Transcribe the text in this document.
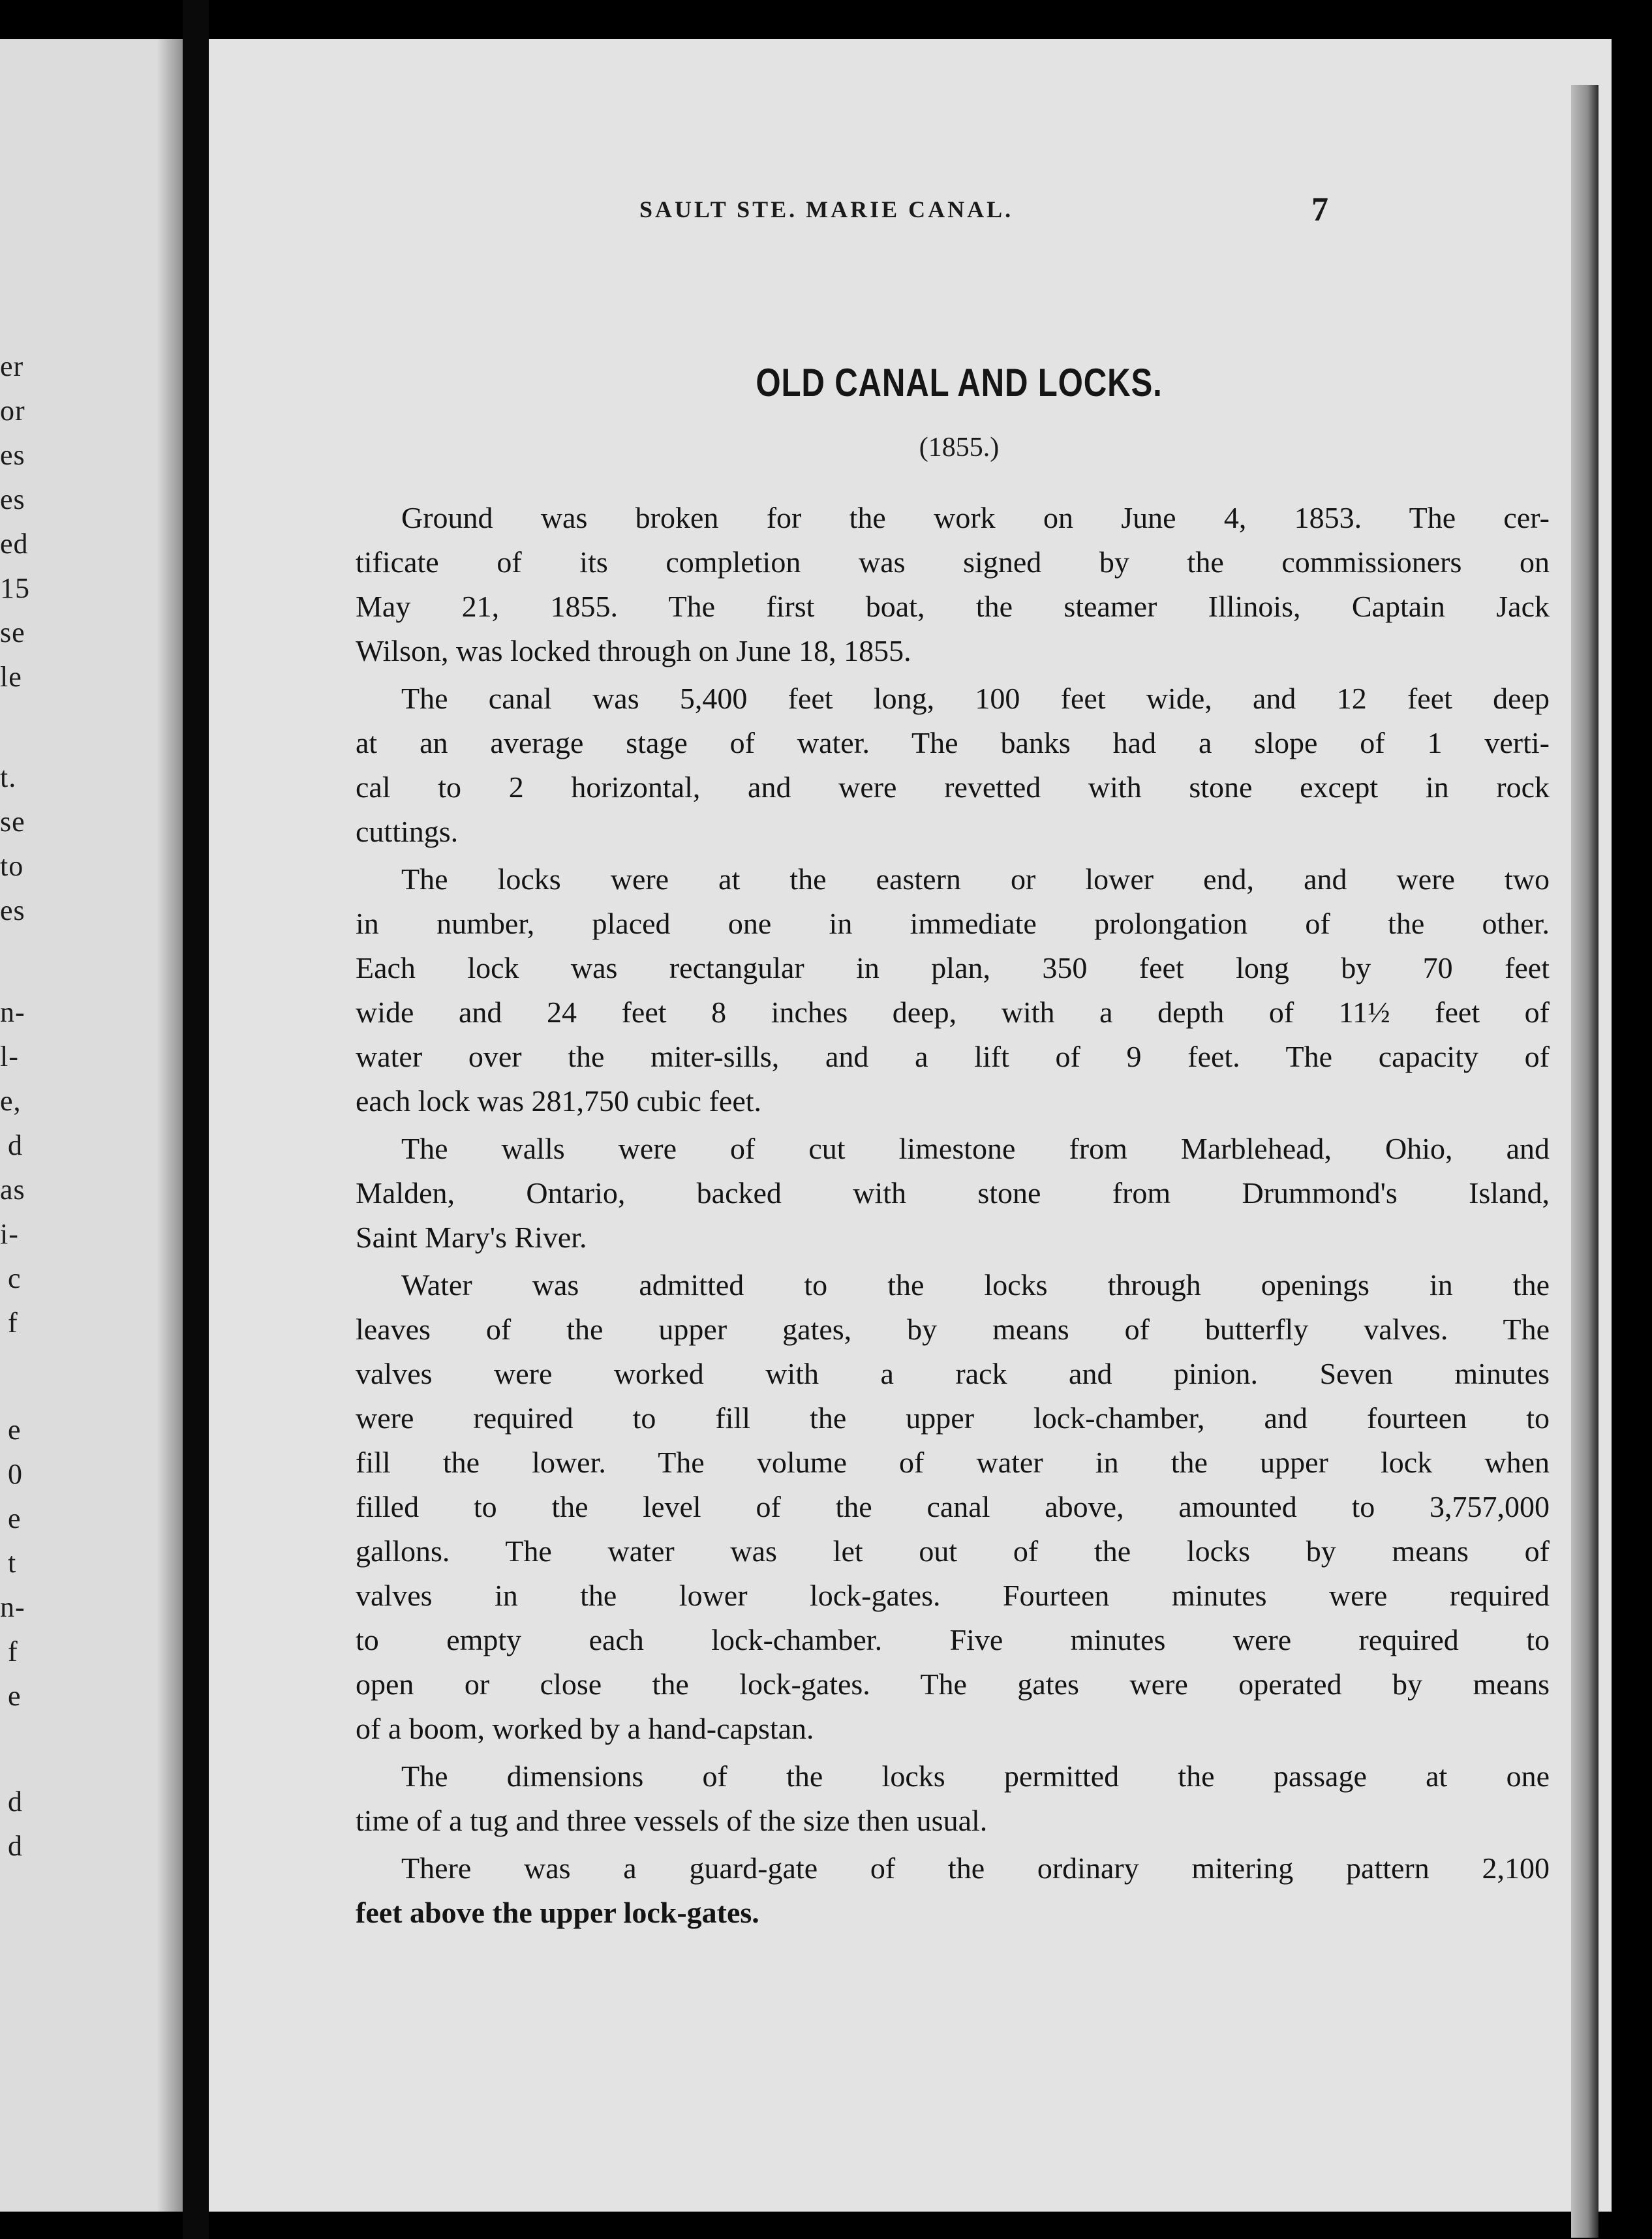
er
or
es
es
ed
15
se
le
t.
se
to
es
n-
l-
e,
d
as
i-
c
f
e
0
e
t
n-
f
e
d
d
SAULT STE. MARIE CANAL.	7
OLD CANAL AND LOCKS.
(1855.)
Ground was broken for the work on June 4, 1853. The cer-
tificate of its completion was signed by the commissioners on
May 21, 1855. The first boat, the steamer Illinois, Captain Jack
Wilson, was locked through on June 18, 1855.
The canal was 5,400 feet long, 100 feet wide, and 12 feet deep
at an average stage of water. The banks had a slope of 1 verti-
cal to 2 horizontal, and were revetted with stone except in rock
cuttings.
The locks were at the eastern or lower end, and were two
in number, placed one in immediate prolongation of the other.
Each lock was rectangular in plan, 350 feet long by 70 feet
wide and 24 feet 8 inches deep, with a depth of 11½ feet of
water over the miter-sills, and a lift of 9 feet. The capacity of
each lock was 281,750 cubic feet.
The walls were of cut limestone from Marblehead, Ohio, and
Malden, Ontario, backed with stone from Drummond's Island,
Saint Mary's River.
Water was admitted to the locks through openings in the
leaves of the upper gates, by means of butterfly valves. The
valves were worked with a rack and pinion. Seven minutes
were required to fill the upper lock-chamber, and fourteen to
fill the lower. The volume of water in the upper lock when
filled to the level of the canal above, amounted to 3,757,000
gallons. The water was let out of the locks by means of
valves in the lower lock-gates. Fourteen minutes were required
to empty each lock-chamber. Five minutes were required to
open or close the lock-gates. The gates were operated by means
of a boom, worked by a hand-capstan.
The dimensions of the locks permitted the passage at one
time of a tug and three vessels of the size then usual.
There was a guard-gate of the ordinary mitering pattern 2,100
feet above the upper lock-gates.
